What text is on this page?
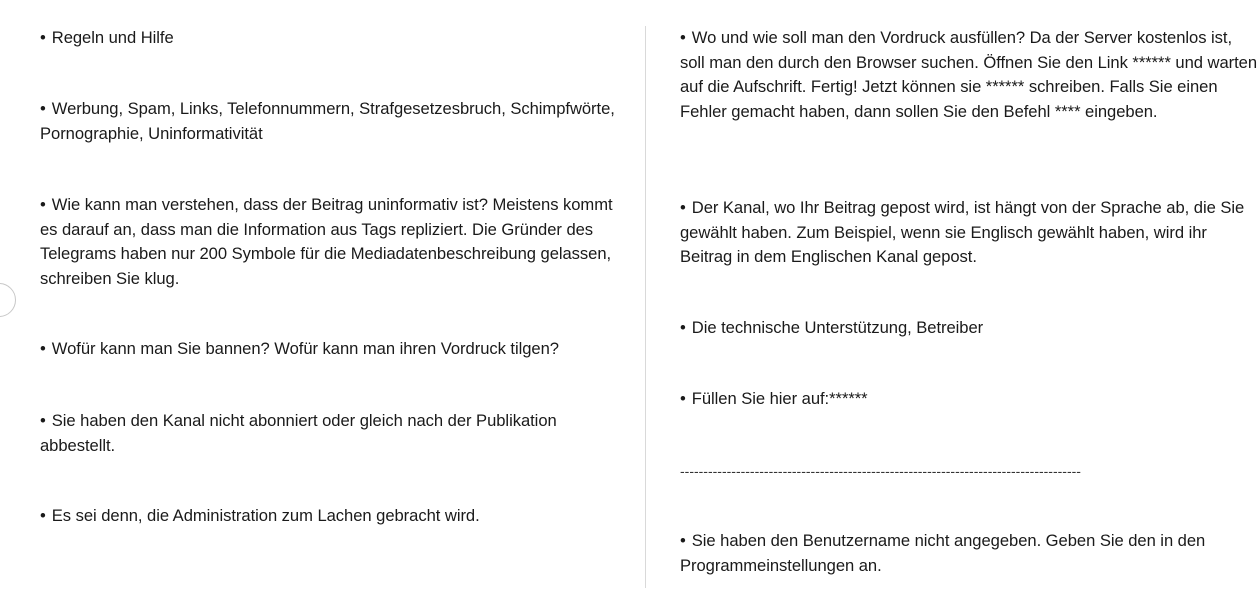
• Regeln und Hilfe

• Werbung, Spam, Links, Telefonnummern, Strafgesetzesbruch, Schimpfwörte, Pornographie, Uninformativität

• Wie kann man verstehen, dass der Beitrag uninformativ ist? Meistens kommt es darauf an, dass man die Information aus Tags repliziert. Die Gründer des Telegrams haben nur 200 Symbole für die Mediadatenbeschreibung gelassen, schreiben Sie klug.

• Wofür kann man Sie bannen? Wofür kann man ihren Vordruck tilgen?

• Sie haben den Kanal nicht abonniert oder gleich nach der Publikation abbestellt.

• Es sei denn, die Administration zum Lachen gebracht wird.

• Wo und wie soll man den Vordruck ausfüllen? Da der Server kostenlos ist, soll man den durch den Browser suchen. Öffnen Sie den Link ****** und warten auf die Aufschrift. Fertig! Jetzt können sie ****** schreiben. Falls Sie einen Fehler gemacht haben, dann sollen Sie den Befehl **** eingeben.

• Der Kanal, wo Ihr Beitrag gepost wird, ist hängt von der Sprache ab, die Sie gewählt haben. Zum Beispiel, wenn sie Englisch gewählt haben, wird ihr Beitrag in dem Englischen Kanal gepost.

• Die technische Unterstützung, Betreiber

• Füllen Sie hier auf:******

--------------------------------------------------------------------------------------

• Sie haben den Benutzername nicht angegeben. Geben Sie den in den Programmeinstellungen an.
